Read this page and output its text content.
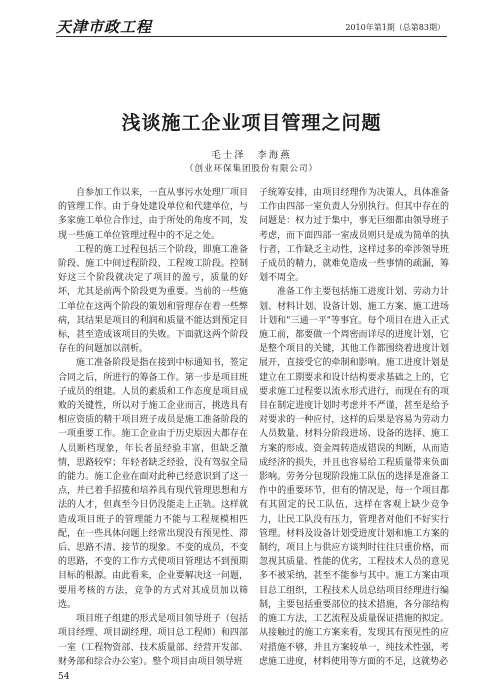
天津市政工程	2010年第1期（总第83期）
浅谈施工企业项目管理之问题
毛士泽　李海燕
（创业环保集团股份有限公司）

自参加工作以来，一直从事污水处理厂项目的管理工作。由于身处建设单位和代建单位，与多家施工单位合作过，由于所处的角度不同，发现一些施工单位管理过程中的不足之处。

工程的施工过程包括三个阶段，即施工准备阶段、施工中间过程阶段、工程竣工阶段。控制好这三个阶段就决定了项目的盈亏，质量的好坏，尤其是前两个阶段更为重要。当前的一些施工单位在这两个阶段的策划和管理存在着一些弊病，其结果是项目的利润和质量不能达到预定目标，甚至造成该项目的失败。下面就这两个阶段存在的问题加以剖析。

施工准备阶段是指在接到中标通知书，签定合同之后，所进行的筹备工作。第一步是项目班子成员的组建。人员的素质和工作态度是项目成败的关键性，所以对于施工企业而言，挑选具有相应资质的精干项目班子成员是施工准备阶段的一项重要工作。施工企业由于历史原因大都存在人员断档现象，年长者虽经验丰富，但缺乏激情，思路较窄；年轻者缺乏经验，没有驾驭全局的能力。施工企业在面对此种已经意识到了这一点，并已着手招揽和培养具有现代管理思想和方法的人才，但真至今日仍没能走上正轨。这样就造成项目班子的管理能力不能与工程规模相匹配，在一些具体问题上经常出现没有预见性、滞后、思路不清、接节的现象。不变的成员，不变的思路，不变的工作方式使项目管理达不到预期目标的根源。由此看来，企业要解决这一问题，要用考核的方法，竞争的方式对其成员加以筛选。

项目班子组建的形式是项目领导班子（包括项目经理、项目副经理、项目总工程师）和四部一室（工程物资部、技术质量部、经营开发部、财务部和综合办公室）。整个项目由项目领导班

子统筹安排，由项目经理作为决策人，具体准备工作由四部一室负责人分别执行。但其中存在的问题是：权力过于集中，事无巨细都由领导班子考虑，而下面四部一室成员则只是成为简单的执行者，工作缺乏主动性，这样过多的牵涉领导班子成员的精力，就难免造成一些事情的疏漏，筹划不周全。

准备工作主要包括施工进度计划、劳动力计划、材料计划、设备计划、施工方案、施工进场计划和"三通一平"等事宜。每个项目在进入正式施工前，都要做一个周密而详尽的进度计划，它是整个项目的关键，其他工作都围绕着进度计划展开，直接受它的牵制和影响。施工进度计划是建立在工期要求和设计结构要求基础之上的，它要求施工过程要以流水形式进行，而现在有的项目在制定进度计划时考虑并不严谨，甚至是给予对要求的一种应付，这样的后果是容易为劳动力人员数量、材料分阶段进场、设备的选择、施工方案的形成、资金周转造成错误的判断，从而造成经济的损失，并且也容易给工程质量带来负面影响。劳务分包现阶段施工队伍的选择是准备工作中的重要环节，但有的情况是，每一个项目都有其固定的民工队伍，这样在客观上缺少竞争力，让民工队没有压力，管理者对他们不好实行管理。材料及设备计划受进度计划和施工方案的制约，项目上与供应方谈判时往往只重价格，而忽视其质量、性能的优劣，工程技术人员的意见多不被采纳，甚至不能参与其中。施工方案由项目总工组织，工程技术人员总结项目经理进行编制，主要包括重要部位的技术措施，各分部结构的施工方法，工艺流程及质量保证措施的拟定。从接触过的施工方案来看，发现其有预见性的应对措施不够，并且方案较单一，纯技术性强，考虑施工进度，材料使用等方面的不足，这就势必

54
